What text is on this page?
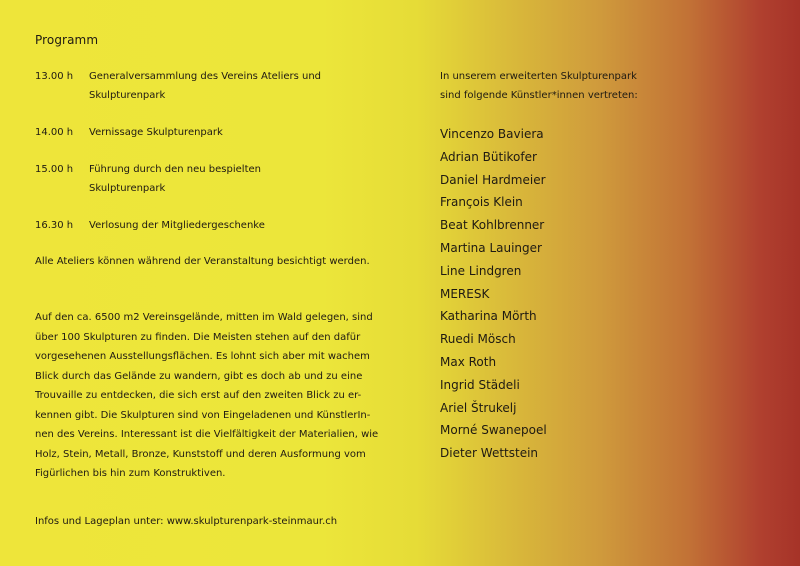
Programm
13.00 h	Generalversammlung des Vereins Ateliers und
Skulpturenpark
14.00 h	Vernissage Skulpturenpark
15.00 h	Führung durch den neu bespielten
Skulpturenpark
16.30 h	Verlosung der Mitgliedergeschenke
Alle Ateliers können während der Veranstaltung besichtigt werden.
Auf den ca. 6500 m2 Vereinsgelände, mitten im Wald gelegen, sind
über 100 Skulpturen zu finden. Die Meisten stehen auf den dafür
vorgesehenen Ausstellungsflächen. Es lohnt sich aber mit wachem
Blick durch das Gelände zu wandern, gibt es doch ab und zu eine
Trouvaille zu entdecken, die sich erst auf den zweiten Blick zu er-
kennen gibt. Die Skulpturen sind von Eingeladenen und KünstlerIn-
nen des Vereins. Interessant ist die Vielfältigkeit der Materialien, wie
Holz, Stein, Metall, Bronze, Kunststoff und deren Ausformung vom
Figürlichen bis hin zum Konstruktiven.
Infos und Lageplan unter: www.skulpturenpark-steinmaur.ch
In unserem erweiterten Skulpturenpark
sind folgende Künstler*innen vertreten:
Vincenzo Baviera
Adrian Bütikofer
Daniel Hardmeier
François Klein
Beat Kohlbrenner
Martina Lauinger
Line Lindgren
MERESK
Katharina Mörth
Ruedi Mösch
Max Roth
Ingrid Städeli
Ariel Štrukelj
Morné Swanepoel
Dieter Wettstein
